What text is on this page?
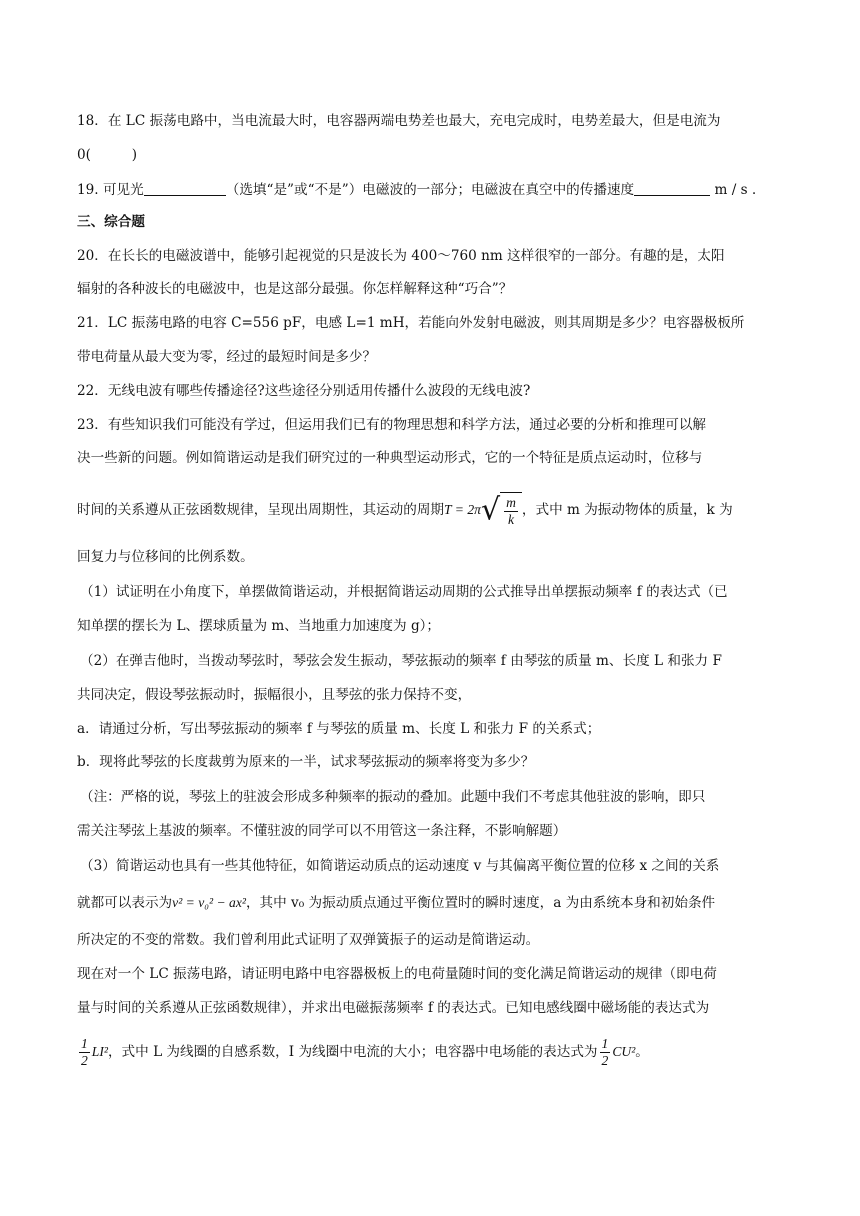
18．在 LC 振荡电路中，当电流最大时，电容器两端电势差也最大，充电完成时，电势差最大，但是电流为
0(　　　)
19. 可见光	（选填“是”或“不是”）电磁波的一部分；电磁波在真空中的传播速度	m / s .
三、综合题
20．在长长的电磁波谱中，能够引起视觉的只是波长为 400～760 nm 这样很窄的一部分。有趣的是，太阳
辐射的各种波长的电磁波中，也是这部分最强。你怎样解释这种“巧合”？
21．LC 振荡电路的电容 C=556 pF，电感 L=1 mH，若能向外发射电磁波，则其周期是多少？电容器极板所
带电荷量从最大变为零，经过的最短时间是多少？
22．无线电波有哪些传播途径?这些途径分别适用传播什么波段的无线电波?
23．有些知识我们可能没有学过，但运用我们已有的物理思想和科学方法，通过必要的分析和推理可以解
决一些新的问题。例如简谐运动是我们研究过的一种典型运动形式，它的一个特征是质点运动时，位移与
时间的关系遵从正弦函数规律，呈现出周期性，其运动的周期$T = 2\pi√ \frac{m}{k}$ ，式中 m 为振动物体的质量，k 为
回复力与位移间的比例系数。
（1）试证明在小角度下，单摆做简谐运动，并根据简谐运动周期的公式推导出单摆振动频率 f 的表达式（已
知单摆的摆长为 L、摆球质量为 m、当地重力加速度为 g）；
（2）在弹吉他时，当拨动琴弦时，琴弦会发生振动，琴弦振动的频率 f 由琴弦的质量 m、长度 L 和张力 F
共同决定，假设琴弦振动时，振幅很小，且琴弦的张力保持不变，
a．请通过分析，写出琴弦振动的频率 f 与琴弦的质量 m、长度 L 和张力 F 的关系式；
b．现将此琴弦的长度裁剪为原来的一半，试求琴弦振动的频率将变为多少？
（注：严格的说，琴弦上的驻波会形成多种频率的振动的叠加。此题中我们不考虑其他驻波的影响，即只
需关注琴弦上基波的频率。不懂驻波的同学可以不用管这一条注释，不影响解题）
（3）简谐运动也具有一些其他特征，如简谐运动质点的运动速度 v 与其偏离平衡位置的位移 x 之间的关系
就都可以表示为v² = v₀² − ax²，其中 v₀ 为振动质点通过平衡位置时的瞬时速度，a 为由系统本身和初始条件
所决定的不变的常数。我们曾利用此式证明了双弹簧振子的运动是简谐运动。
现在对一个 LC 振荡电路，请证明电路中电容器极板上的电荷量随时间的变化满足简谐运动的规律（即电荷
量与时间的关系遵从正弦函数规律），并求出电磁振荡频率 f 的表达式。已知电感线圈中磁场能的表达式为
$\frac{1}{2} LI^2$，式中 L 为线圈的自感系数，I 为线圈中电流的大小；电容器中电场能的表达式为 $\frac{1}{2} CU^2$。
